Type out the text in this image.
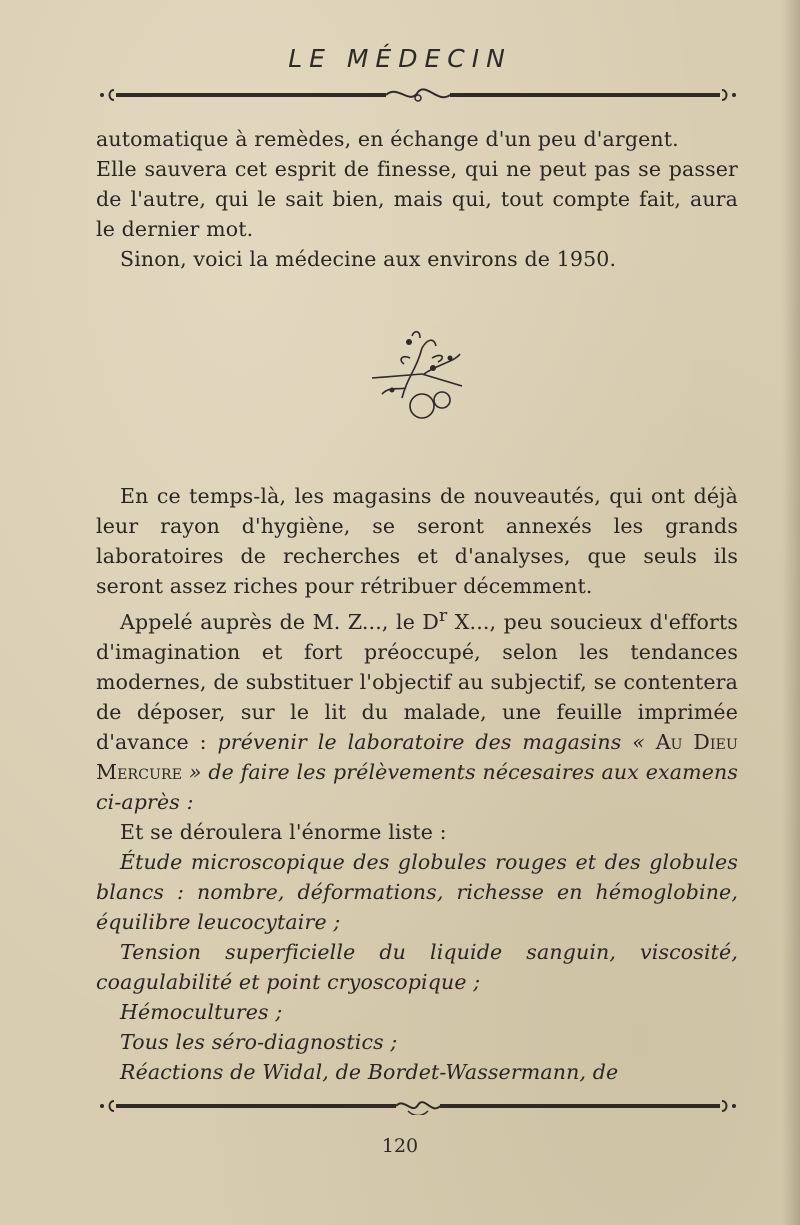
LE MÉDECIN

automatique à remèdes, en échange d'un peu d'argent.

Elle sauvera cet esprit de finesse, qui ne peut pas se passer de l'autre, qui le sait bien, mais qui, tout compte fait, aura le dernier mot.

Sinon, voici la médecine aux environs de 1950.

En ce temps-là, les magasins de nouveautés, qui ont déjà leur rayon d'hygiène, se seront annexés les grands laboratoires de recherches et d'analyses, que seuls ils seront assez riches pour rétribuer décemment.

Appelé auprès de M. Z..., le $D^r$ X..., peu soucieux d'efforts d'imagination et fort préoccupé, selon les tendances modernes, de substituer l'objectif au subjectif, se contentera de déposer, sur le lit du malade, une feuille imprimée d'avance : prévenir le laboratoire des magasins « Au Dieu Mercure » de faire les prélèvements nécesaires aux examens ci-après :

Et se déroulera l'énorme liste :

Étude microscopique des globules rouges et des globules blancs : nombre, déformations, richesse en hémoglobine, équilibre leucocytaire ;

Tension superficielle du liquide sanguin, viscosité, coagulabilité et point cryoscopique ;

Hémocultures ;

Tous les séro-diagnostics ;

Réactions de Widal, de Bordet-Wassermann, de

120
